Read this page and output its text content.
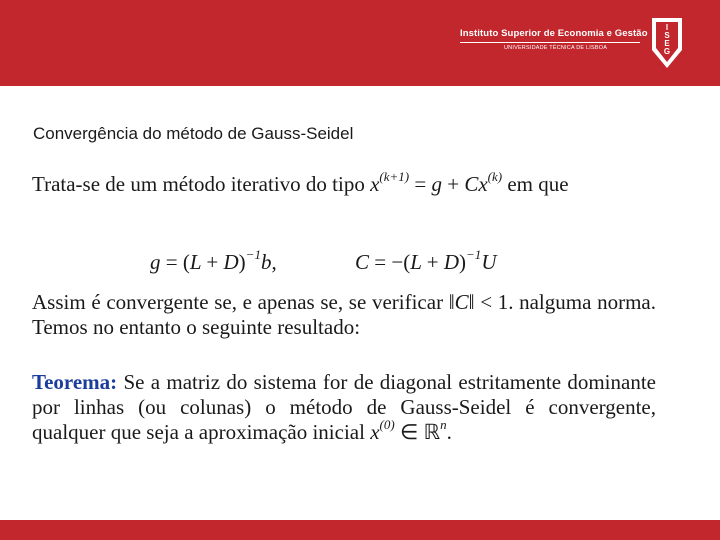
Instituto Superior de Economia e Gestão
UNIVERSIDADE TÉCNICA DE LISBOA
I
S
E
G
Convergência do método de Gauss-Seidel
Trata-se de um método iterativo do tipo $x^{(k+1)} = g + Cx^{(k)}$ em que
$g = (L + D)^{-1}b$,	$C = -(L + D)^{-1}U$
Assim é convergente se, e apenas se, se verificar ‖C‖ < 1. nalguma norma. Temos no entanto o seguinte resultado:
Teorema: Se a matriz do sistema for de diagonal estritamente dominante por linhas (ou colunas) o método de Gauss-Seidel é convergente, qualquer que seja a aproximação inicial $x^{(0)}$ ∈ ℝ$^n$.
